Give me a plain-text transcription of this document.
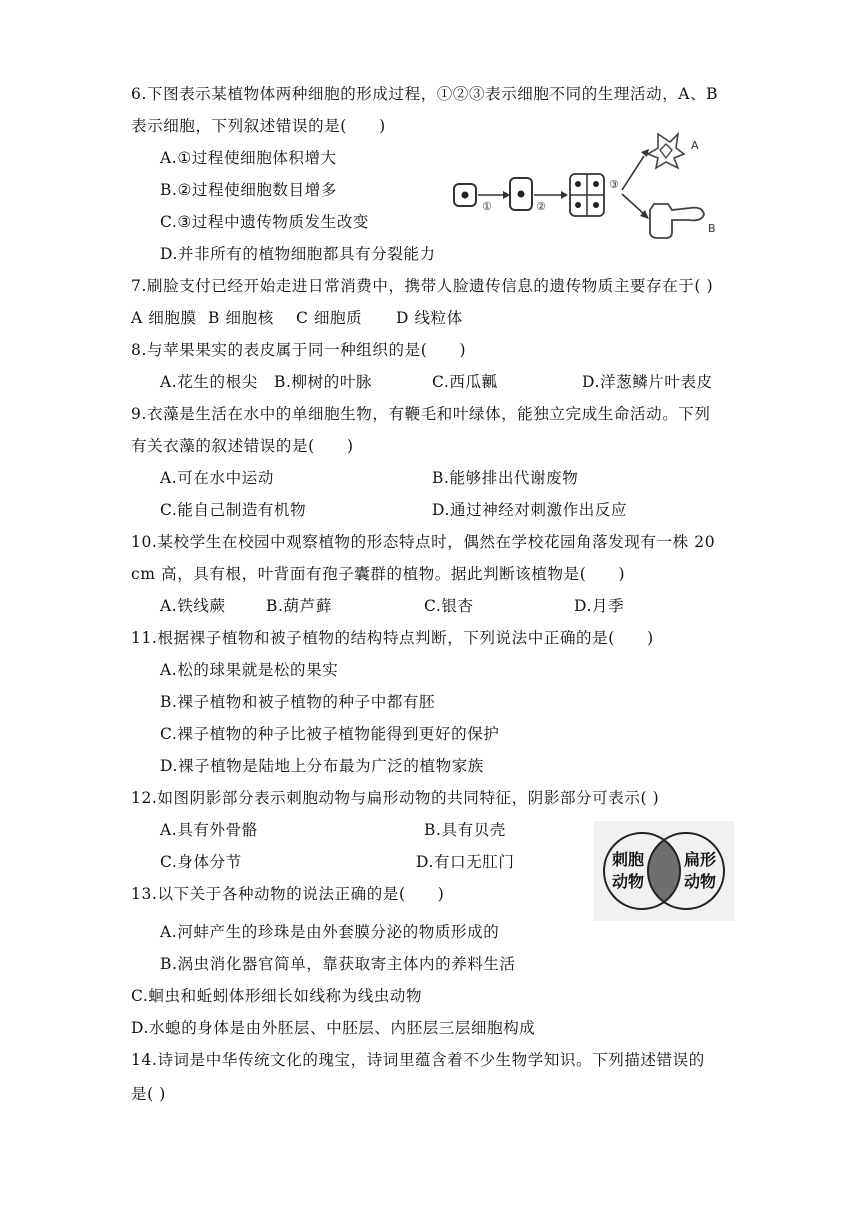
6.下图表示某植物体两种细胞的形成过程，①②③表示细胞不同的生理活动，A、B
表示细胞，下列叙述错误的是(　　)
A.①过程使细胞体积增大
B.②过程使细胞数目增多
C.③过程中遗传物质发生改变
D.并非所有的植物细胞都具有分裂能力
①	②
③
A
B
7.刷脸支付已经开始走进日常消费中，携带人脸遗传信息的遗传物质主要存在于( )
A 细胞膜 B 细胞核 C 细胞质 D 线粒体
8.与苹果果实的表皮属于同一种组织的是(　　)
A.花生的根尖 B.柳树的叶脉	C.西瓜瓤	D.洋葱鳞片叶表皮
9.衣藻是生活在水中的单细胞生物，有鞭毛和叶绿体，能独立完成生命活动。下列
有关衣藻的叙述错误的是(　　)
A.可在水中运动	B.能够排出代谢废物
C.能自己制造有机物	D.通过神经对刺激作出反应
10.某校学生在校园中观察植物的形态特点时，偶然在学校花园角落发现有一株 20
cm 高，具有根，叶背面有孢子囊群的植物。据此判断该植物是(　　)
A.铁线蕨	B.葫芦藓	C.银杏	D.月季
11.根据裸子植物和被子植物的结构特点判断，下列说法中正确的是(　　)
A.松的球果就是松的果实
B.裸子植物和被子植物的种子中都有胚
C.裸子植物的种子比被子植物能得到更好的保护
D.裸子植物是陆地上分布最为广泛的植物家族
12.如图阴影部分表示刺胞动物与扁形动物的共同特征，阴影部分可表示( )
A.具有外骨骼	B.具有贝壳
C.身体分节	D.有口无肛门	刺胞
动物
扁形
动物
13.以下关于各种动物的说法正确的是(　　)
A.河蚌产生的珍珠是由外套膜分泌的物质形成的
B.涡虫消化器官简单，靠获取寄主体内的养料生活
C.蛔虫和蚯蚓体形细长如线称为线虫动物
D.水螅的身体是由外胚层、中胚层、内胚层三层细胞构成
14.诗词是中华传统文化的瑰宝，诗词里蕴含着不少生物学知识。下列描述错误的
是( )
